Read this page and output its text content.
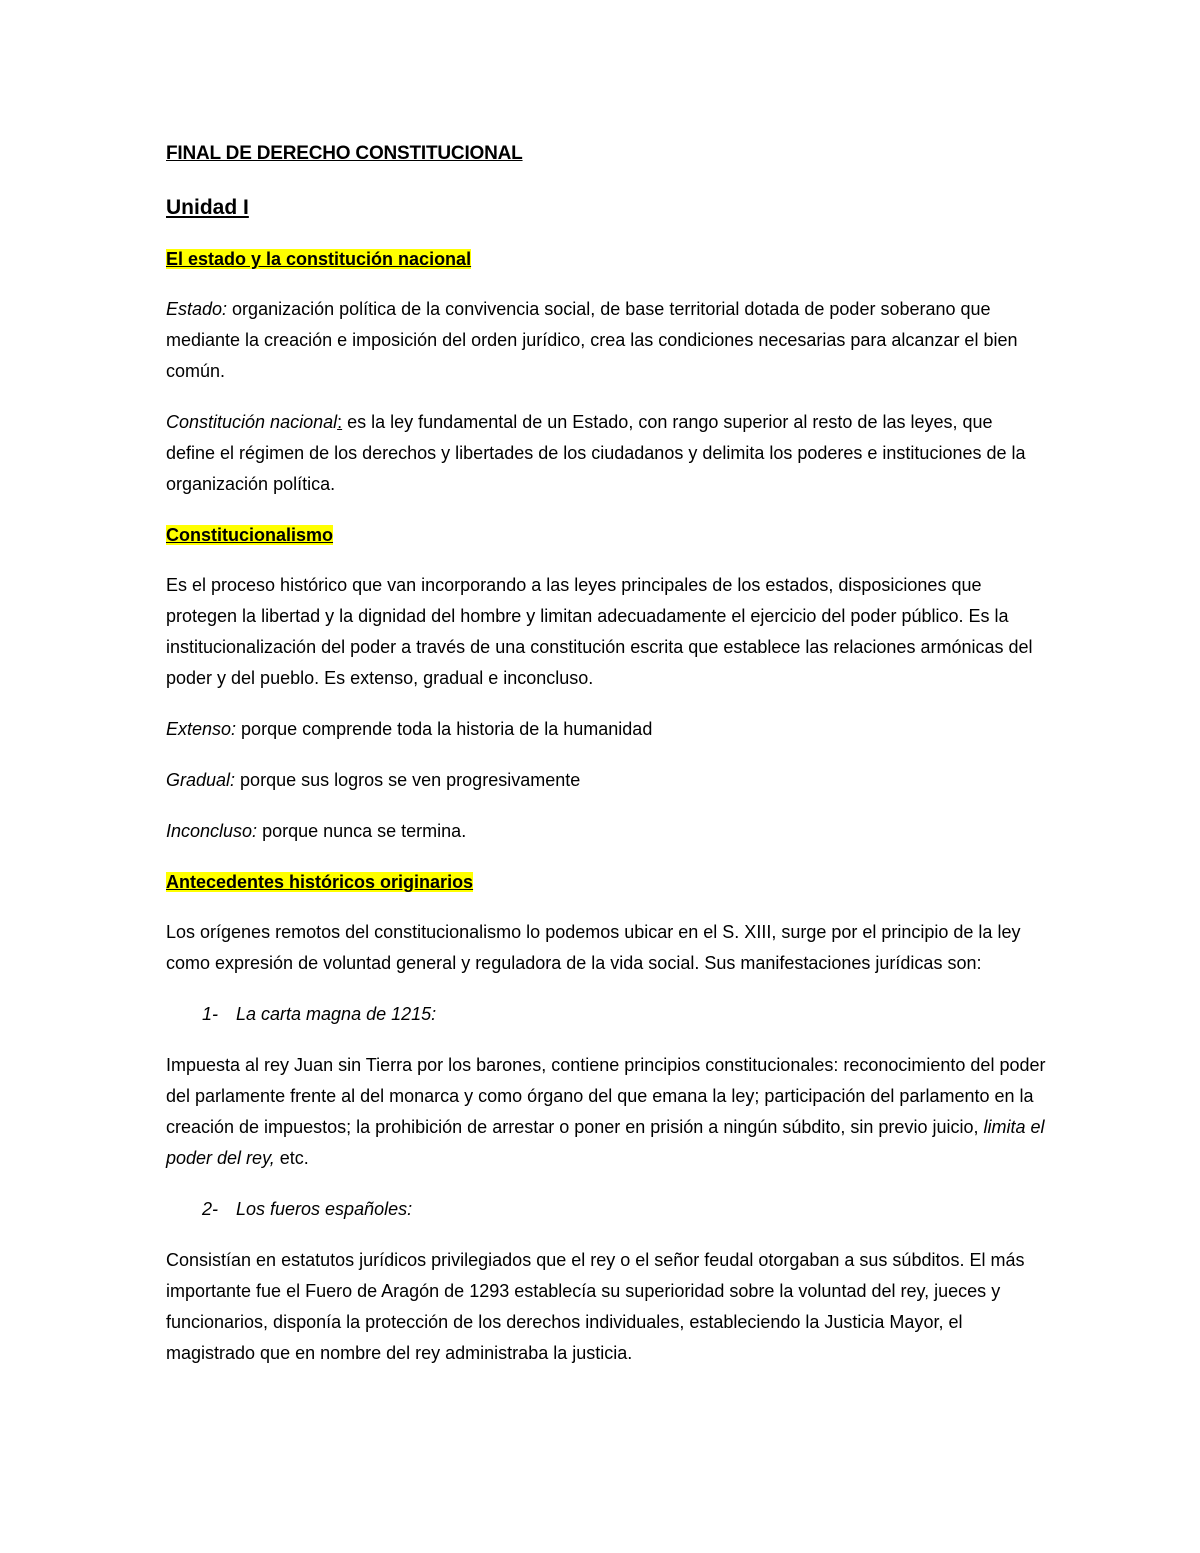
FINAL DE DERECHO CONSTITUCIONAL
Unidad I
El estado y la constitución nacional

Estado: organización política de la convivencia social, de base territorial dotada de poder soberano que mediante la creación e imposición del orden jurídico, crea las condiciones necesarias para alcanzar el bien común.

Constitución nacional: es la ley fundamental de un Estado, con rango superior al resto de las leyes, que define el régimen de los derechos y libertades de los ciudadanos y delimita los poderes e instituciones de la organización política.

Constitucionalismo

Es el proceso histórico que van incorporando a las leyes principales de los estados, disposiciones que protegen la libertad y la dignidad del hombre y limitan adecuadamente el ejercicio del poder público. Es la institucionalización del poder a través de una constitución escrita que establece las relaciones armónicas del poder y del pueblo. Es extenso, gradual e inconcluso.

Extenso: porque comprende toda la historia de la humanidad

Gradual: porque sus logros se ven progresivamente

Inconcluso: porque nunca se termina.

Antecedentes históricos originarios

Los orígenes remotos del constitucionalismo lo podemos ubicar en el S. XIII, surge por el principio de la ley como expresión de voluntad general y reguladora de la vida social. Sus manifestaciones jurídicas son:

1- La carta magna de 1215:

Impuesta al rey Juan sin Tierra por los barones, contiene principios constitucionales: reconocimiento del poder del parlamente frente al del monarca y como órgano del que emana la ley; participación del parlamento en la creación de impuestos; la prohibición de arrestar o poner en prisión a ningún súbdito, sin previo juicio, limita el poder del rey, etc.

2- Los fueros españoles:

Consistían en estatutos jurídicos privilegiados que el rey o el señor feudal otorgaban a sus súbditos. El más importante fue el Fuero de Aragón de 1293 establecía su superioridad sobre la voluntad del rey, jueces y funcionarios, disponía la protección de los derechos individuales, estableciendo la Justicia Mayor, el magistrado que en nombre del rey administraba la justicia.
